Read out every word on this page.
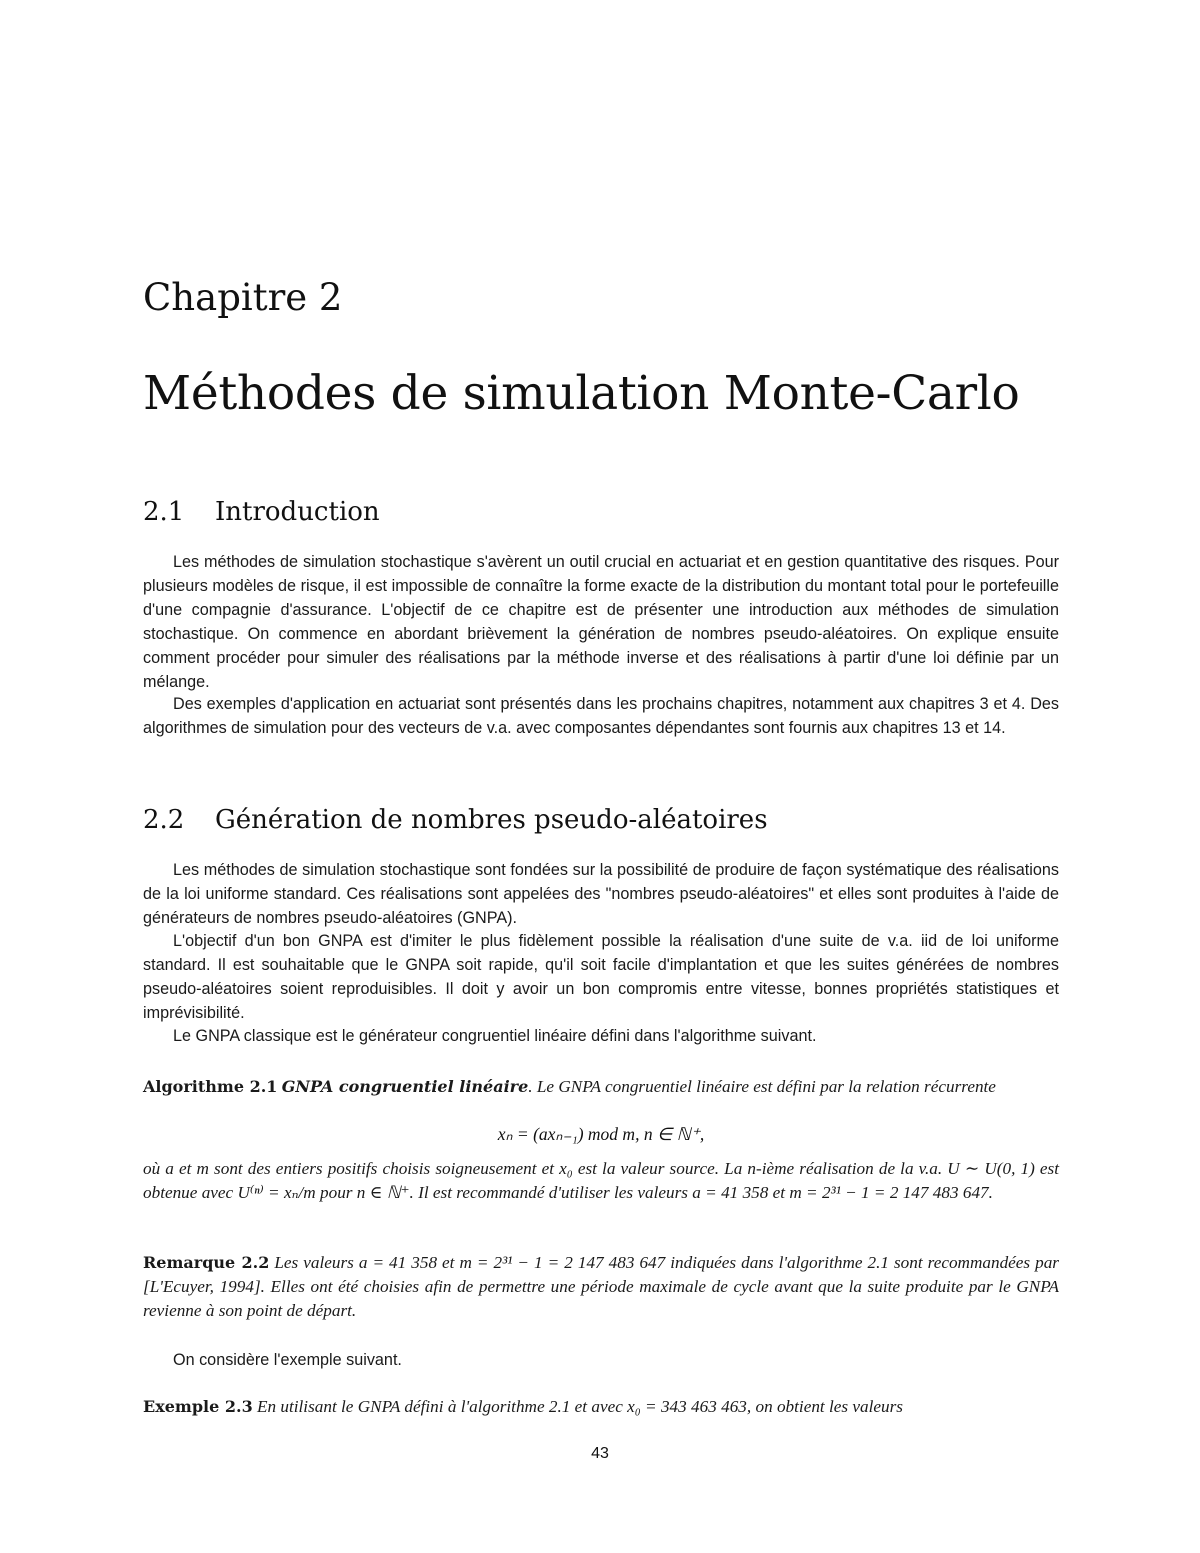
Chapitre 2
Méthodes de simulation Monte-Carlo
2.1 Introduction

Les méthodes de simulation stochastique s'avèrent un outil crucial en actuariat et en gestion quantitative des risques. Pour plusieurs modèles de risque, il est impossible de connaître la forme exacte de la distribution du montant total pour le portefeuille d'une compagnie d'assurance. L'objectif de ce chapitre est de présenter une introduction aux méthodes de simulation stochastique. On commence en abordant brièvement la génération de nombres pseudo-aléatoires. On explique ensuite comment procéder pour simuler des réalisations par la méthode inverse et des réalisations à partir d'une loi définie par un mélange.

Des exemples d'application en actuariat sont présentés dans les prochains chapitres, notamment aux chapitres 3 et 4. Des algorithmes de simulation pour des vecteurs de v.a. avec composantes dépendantes sont fournis aux chapitres 13 et 14.

2.2 Génération de nombres pseudo-aléatoires

Les méthodes de simulation stochastique sont fondées sur la possibilité de produire de façon systématique des réalisations de la loi uniforme standard. Ces réalisations sont appelées des "nombres pseudo-aléatoires" et elles sont produites à l'aide de générateurs de nombres pseudo-aléatoires (GNPA).

L'objectif d'un bon GNPA est d'imiter le plus fidèlement possible la réalisation d'une suite de v.a. iid de loi uniforme standard. Il est souhaitable que le GNPA soit rapide, qu'il soit facile d'implantation et que les suites générées de nombres pseudo-aléatoires soient reproduisibles. Il doit y avoir un bon compromis entre vitesse, bonnes propriétés statistiques et imprévisibilité.

Le GNPA classique est le générateur congruentiel linéaire défini dans l'algorithme suivant.

Algorithme 2.1 GNPA congruentiel linéaire. Le GNPA congruentiel linéaire est défini par la relation récurrente

xₙ = (axₙ₋₁) mod m, n ∈ ℕ⁺,

où a et m sont des entiers positifs choisis soigneusement et x₀ est la valeur source. La n-ième réalisation de la v.a. U ∼ U(0, 1) est obtenue avec U⁽ⁿ⁾ = xₙ/m pour n ∈ ℕ⁺. Il est recommandé d'utiliser les valeurs a = 41 358 et m = 2³¹ − 1 = 2 147 483 647.

Remarque 2.2 Les valeurs a = 41 358 et m = 2³¹ − 1 = 2 147 483 647 indiquées dans l'algorithme 2.1 sont recommandées par [L'Ecuyer, 1994]. Elles ont été choisies afin de permettre une période maximale de cycle avant que la suite produite par le GNPA revienne à son point de départ.

On considère l'exemple suivant.

Exemple 2.3 En utilisant le GNPA défini à l'algorithme 2.1 et avec x₀ = 343 463 463, on obtient les valeurs

43
